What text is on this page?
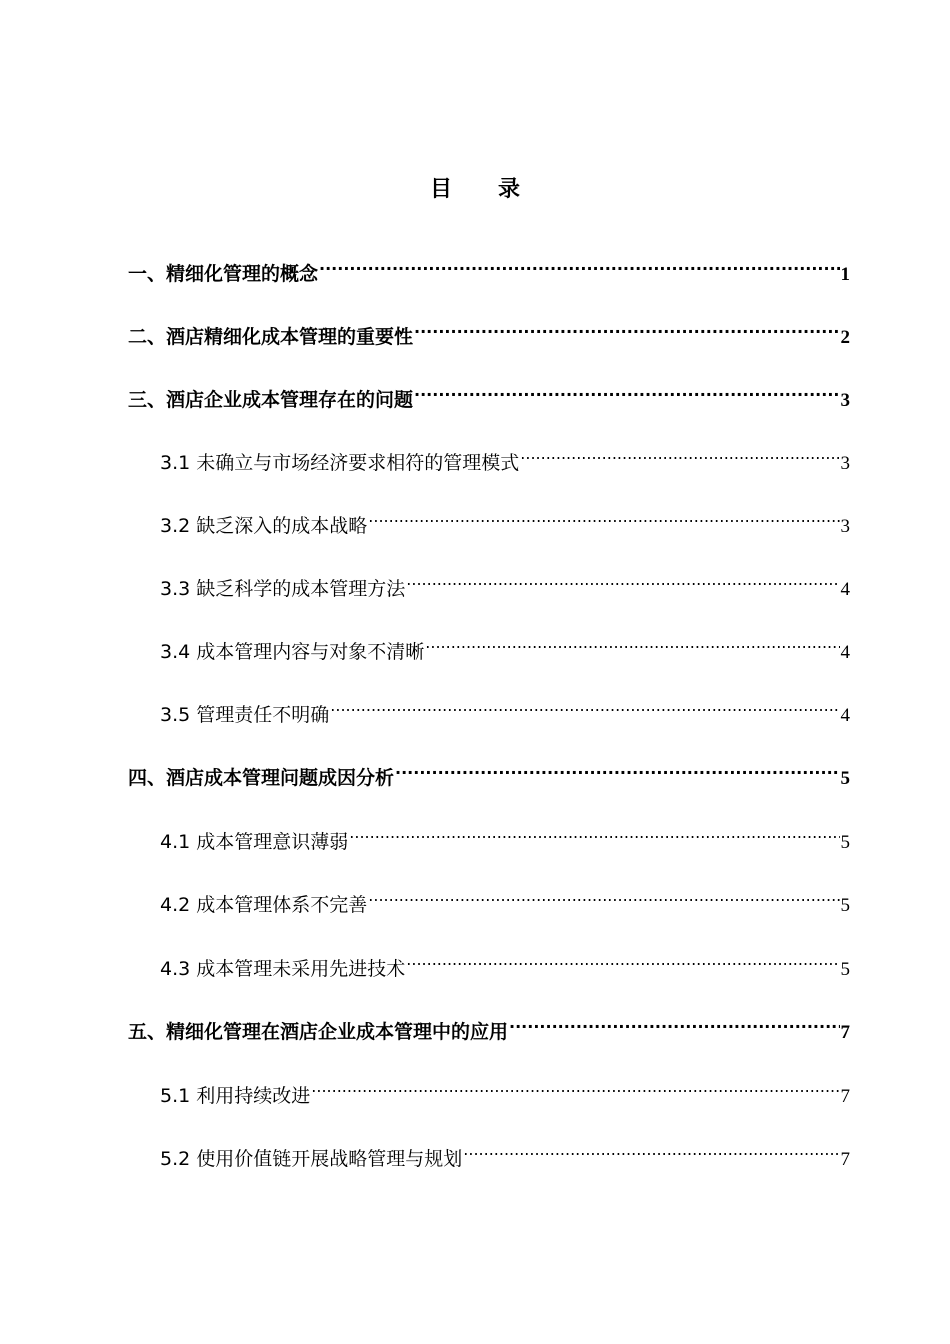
目 录
一、精细化管理的概念 .....	1
二、酒店精细化成本管理的重要性 .....	2
三、酒店企业成本管理存在的问题 .....	3
3.1 未确立与市场经济要求相符的管理模式 .....	3
3.2 缺乏深入的成本战略 .....	3
3.3 缺乏科学的成本管理方法 .....	4
3.4 成本管理内容与对象不清晰 .....	4
3.5 管理责任不明确 .....	4
四、酒店成本管理问题成因分析 .....	5
4.1 成本管理意识薄弱 .....	5
4.2 成本管理体系不完善 .....	5
4.3 成本管理未采用先进技术 .....	5
五、精细化管理在酒店企业成本管理中的应用 .....	7
5.1 利用持续改进 .....	7
5.2 使用价值链开展战略管理与规划 .....	7
